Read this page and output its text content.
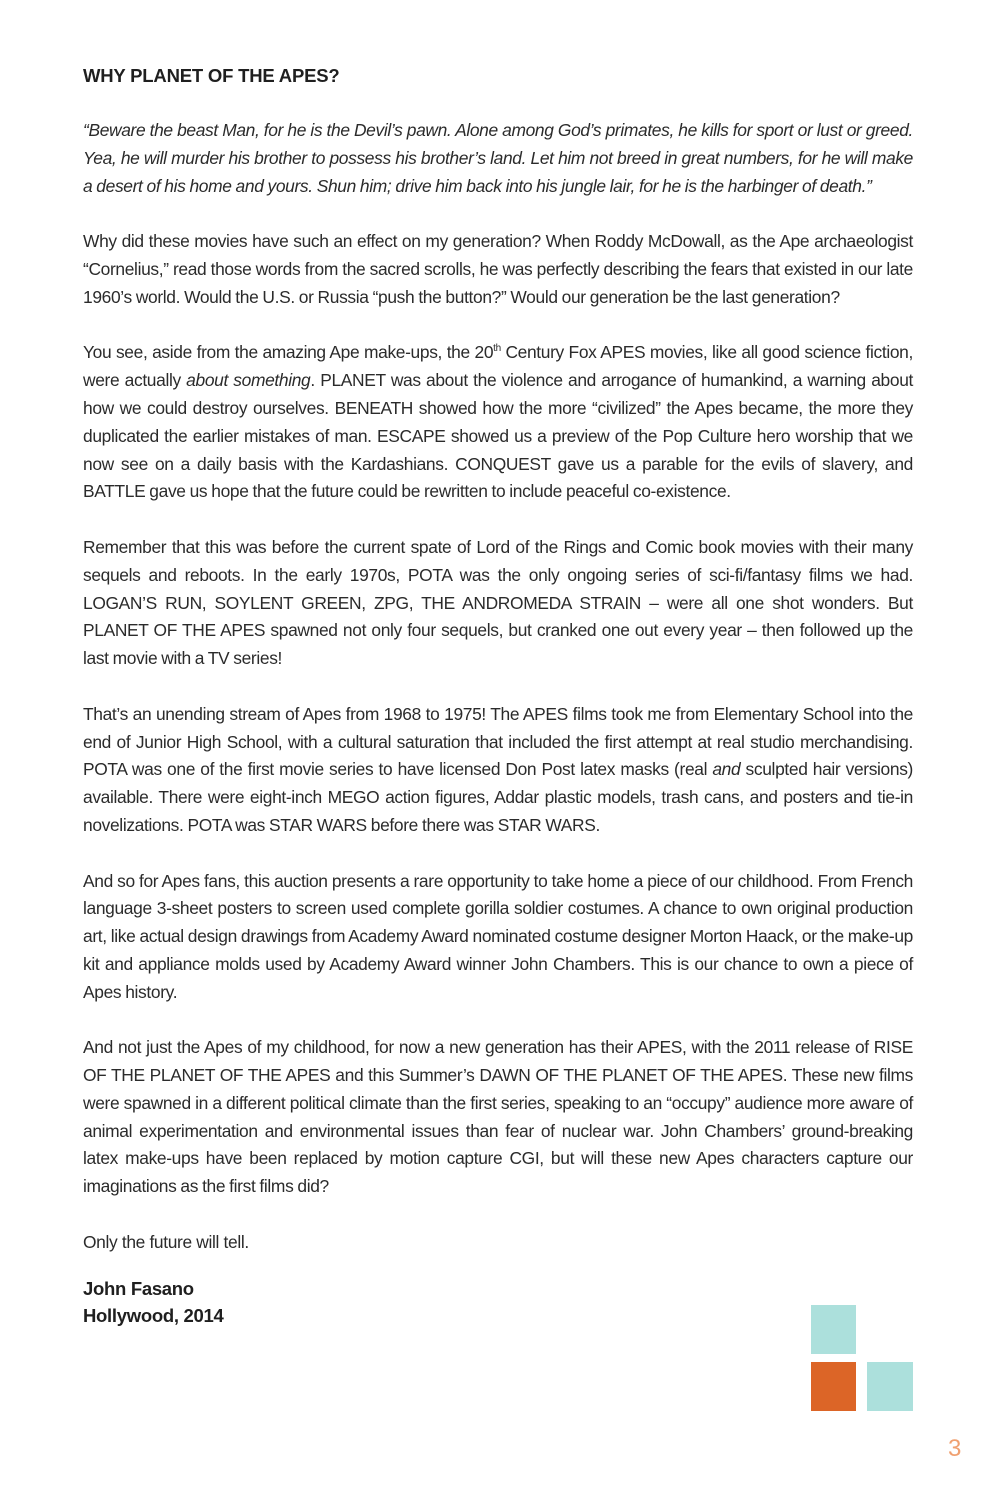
WHY PLANET OF THE APES?

“Beware the beast Man, for he is the Devil’s pawn. Alone among God’s primates, he kills for sport or lust or greed. Yea, he will murder his brother to possess his brother’s land. Let him not breed in great numbers, for he will make a desert of his home and yours. Shun him; drive him back into his jungle lair, for he is the harbinger of death.”

Why did these movies have such an effect on my generation? When Roddy McDowall, as the Ape archaeologist “Cornelius,” read those words from the sacred scrolls, he was perfectly describing the fears that existed in our late 1960’s world. Would the U.S. or Russia “push the button?” Would our generation be the last generation?

You see, aside from the amazing Ape make-ups, the 20th Century Fox APES movies, like all good science fiction, were actually about something. PLANET was about the violence and arrogance of humankind, a warning about how we could destroy ourselves. BENEATH showed how the more “civilized” the Apes became, the more they duplicated the earlier mistakes of man. ESCAPE showed us a preview of the Pop Culture hero worship that we now see on a daily basis with the Kardashians. CONQUEST gave us a parable for the evils of slavery, and BATTLE gave us hope that the future could be rewritten to include peaceful co-existence.

Remember that this was before the current spate of Lord of the Rings and Comic book movies with their many sequels and reboots. In the early 1970s, POTA was the only ongoing series of sci-fi/fantasy films we had. LOGAN’S RUN, SOYLENT GREEN, ZPG, THE ANDROMEDA STRAIN – were all one shot wonders. But PLANET OF THE APES spawned not only four sequels, but cranked one out every year – then followed up the last movie with a TV series!

That’s an unending stream of Apes from 1968 to 1975! The APES films took me from Elementary School into the end of Junior High School, with a cultural saturation that included the first attempt at real studio merchandising. POTA was one of the first movie series to have licensed Don Post latex masks (real and sculpted hair versions) available. There were eight-inch MEGO action figures, Addar plastic models, trash cans, and posters and tie-in novelizations. POTA was STAR WARS before there was STAR WARS.

And so for Apes fans, this auction presents a rare opportunity to take home a piece of our childhood. From French language 3-sheet posters to screen used complete gorilla soldier costumes. A chance to own original production art, like actual design drawings from Academy Award nominated costume designer Morton Haack, or the make-up kit and appliance molds used by Academy Award winner John Chambers. This is our chance to own a piece of Apes history.

And not just the Apes of my childhood, for now a new generation has their APES, with the 2011 release of RISE OF THE PLANET OF THE APES and this Summer’s DAWN OF THE PLANET OF THE APES. These new films were spawned in a different political climate than the first series, speaking to an “occupy” audience more aware of animal experimentation and environmental issues than fear of nuclear war. John Chambers’ ground-breaking latex make-ups have been replaced by motion capture CGI, but will these new Apes characters capture our imaginations as the first films did?

Only the future will tell.

John Fasano
Hollywood, 2014
3
